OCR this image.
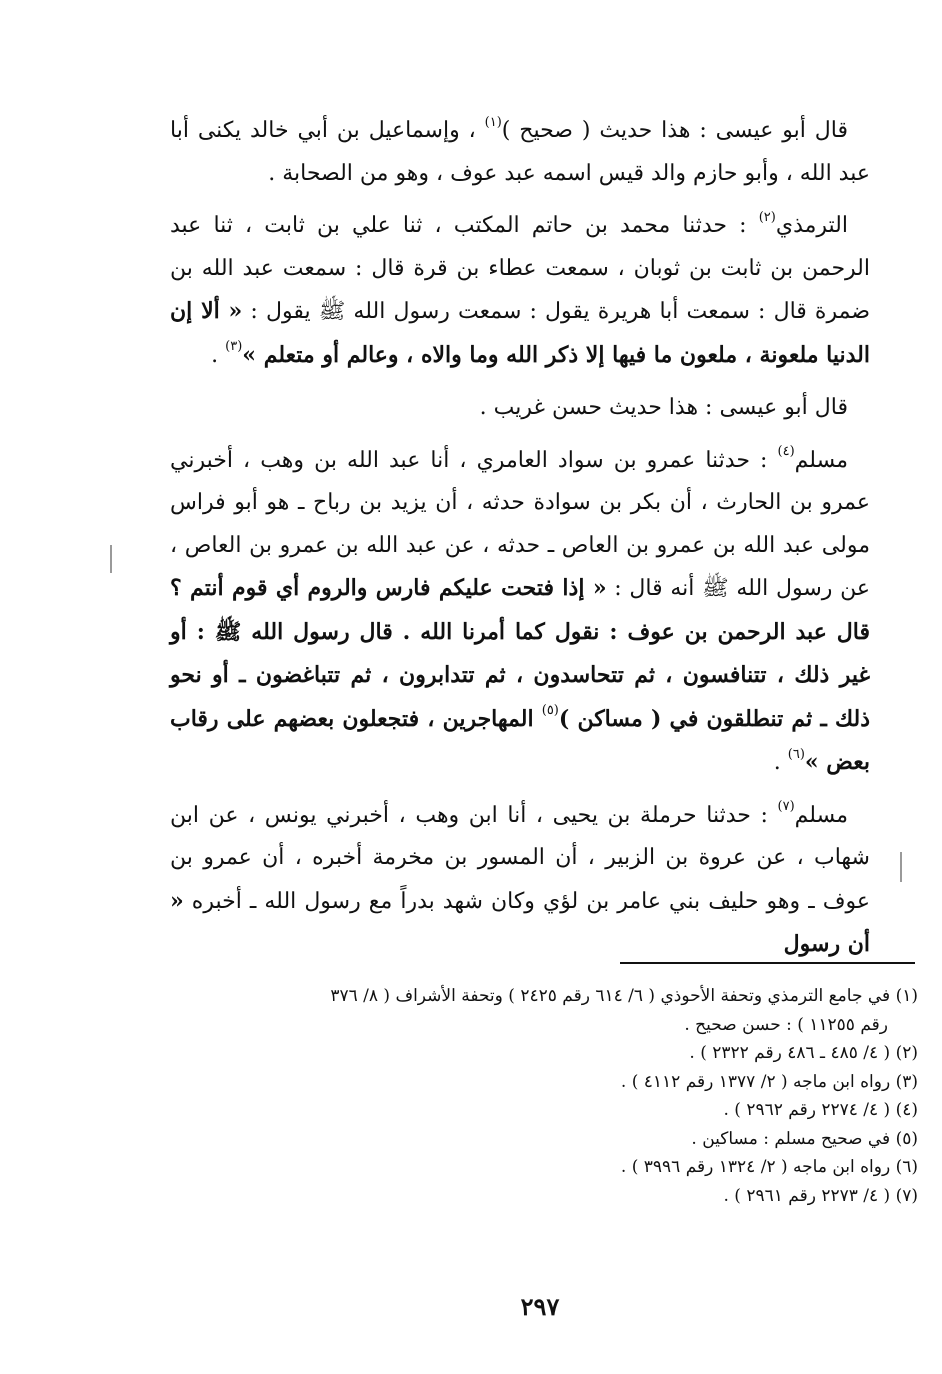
قال أبو عيسى : هذا حديث ( صحيح )$^{(١)}$ ، وإسماعيل بن أبي خالد يكنى أبا عبد الله ، وأبو حازم والد قيس اسمه عبد عوف ، وهو من الصحابة .

الترمذي$^{(٢)}$ : حدثنا محمد بن حاتم المكتب ، ثنا علي بن ثابت ، ثنا عبد الرحمن بن ثابت بن ثوبان ، سمعت عطاء بن قرة قال : سمعت عبد الله بن ضمرة قال : سمعت أبا هريرة يقول : سمعت رسول الله ﷺ يقول : « ألا إن الدنيا ملعونة ، ملعون ما فيها إلا ذكر الله وما والاه ، وعالم أو متعلم »$^{(٣)}$ .

قال أبو عيسى : هذا حديث حسن غريب .

مسلم$^{(٤)}$ : حدثنا عمرو بن سواد العامري ، أنا عبد الله بن وهب ، أخبرني عمرو بن الحارث ، أن بكر بن سوادة حدثه ، أن يزيد بن رباح ـ هو أبو فراس مولى عبد الله بن عمرو بن العاص ـ حدثه ، عن عبد الله بن عمرو بن العاص ، عن رسول الله ﷺ أنه قال : « إذا فتحت عليكم فارس والروم أي قوم أنتم ؟ قال عبد الرحمن بن عوف : نقول كما أمرنا الله . قال رسول الله ﷺ : أو غير ذلك ، تتنافسون ، ثم تتحاسدون ، ثم تتدابرون ، ثم تتباغضون ـ أو نحو ذلك ـ ثم تنطلقون في ( مساكن )$^{(٥)}$ المهاجرين ، فتجعلون بعضهم على رقاب بعض »$^{(٦)}$ .

مسلم$^{(٧)}$ : حدثنا حرملة بن يحيى ، أنا ابن وهب ، أخبرني يونس ، عن ابن شهاب ، عن عروة بن الزبير ، أن المسور بن مخرمة أخبره ، أن عمرو بن عوف ـ وهو حليف بني عامر بن لؤي وكان شهد بدراً مع رسول الله ـ أخبره « أن رسول

(١) في جامع الترمذي وتحفة الأحوذي ( ٦/ ٦١٤ رقم ٢٤٢٥ ) وتحفة الأشراف ( ٨/ ٣٧٦
رقم ١١٢٥٥ ) : حسن صحيح .
(٢) ( ٤/ ٤٨٥ ـ ٤٨٦ رقم ٢٣٢٢ ) .
(٣) رواه ابن ماجه ( ٢/ ١٣٧٧ رقم ٤١١٢ ) .
(٤) ( ٤/ ٢٢٧٤ رقم ٢٩٦٢ ) .
(٥) في صحيح مسلم : مساكين .
(٦) رواه ابن ماجه ( ٢/ ١٣٢٤ رقم ٣٩٩٦ ) .
(٧) ( ٤/ ٢٢٧٣ رقم ٢٩٦١ ) .
٢٩٧
